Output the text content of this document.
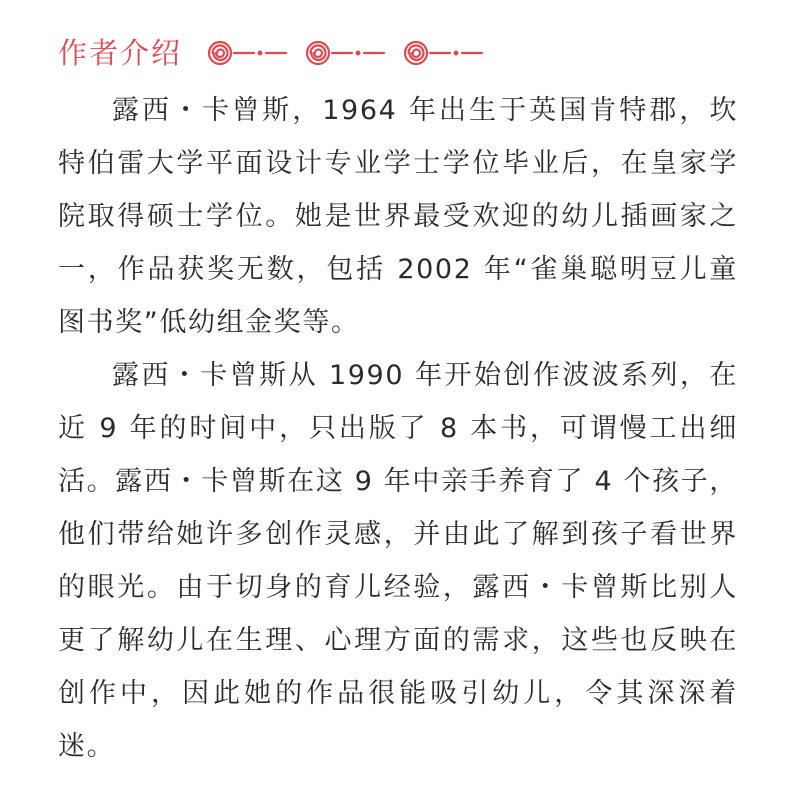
作者介绍

露西・卡曾斯，1964 年出生于英国肯特郡，坎特伯雷大学平面设计专业学士学位毕业后，在皇家学院取得硕士学位。她是世界最受欢迎的幼儿插画家之一，作品获奖无数，包括 2002 年“雀巢聪明豆儿童图书奖”低幼组金奖等。

露西・卡曾斯从 1990 年开始创作波波系列，在近 9 年的时间中，只出版了 8 本书，可谓慢工出细活。露西・卡曾斯在这 9 年中亲手养育了 4 个孩子，他们带给她许多创作灵感，并由此了解到孩子看世界的眼光。由于切身的育儿经验，露西・卡曾斯比别人更了解幼儿在生理、心理方面的需求，这些也反映在创作中，因此她的作品很能吸引幼儿，令其深深着迷。
